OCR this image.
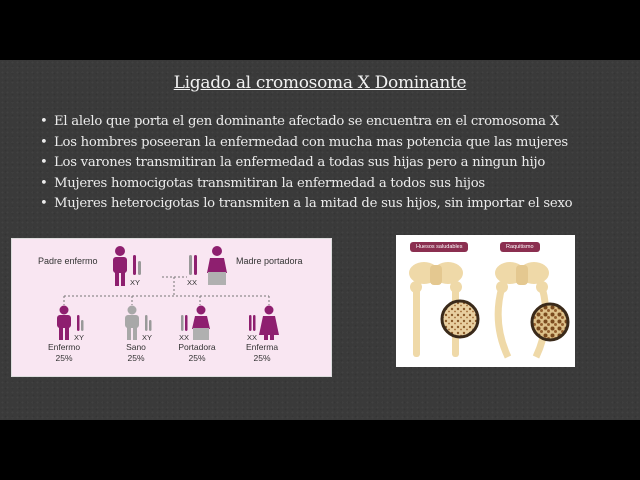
Ligado al cromosoma X Dominante
• El alelo que porta el gen dominante afectado se encuentra en el cromosoma X
• Los hombres poseeran la enfermedad con mucha mas potencia que las mujeres
• Los varones transmitiran la enfermedad a todas sus hijas pero a ningun hijo
• Mujeres homocigotas transmitiran la enfermedad a todos sus hijos
• Mujeres heterocigotas lo transmiten a la mitad de sus hijos, sin importar el sexo
Padre enfermo	Madre portadora
XY	XX
XY
Enfermo
25%
XY
Sano
25%
XX
Portadora
25%
XX
Enferma
25%
Huesos saludables	Raquitismo
